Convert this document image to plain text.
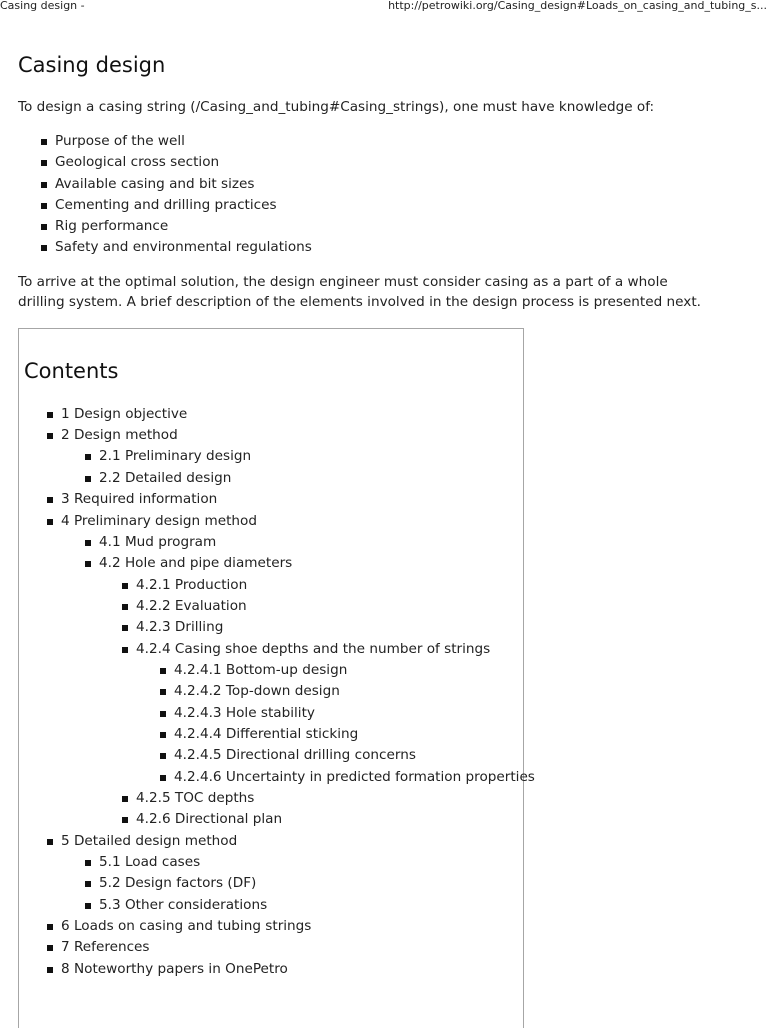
Casing design -	http://petrowiki.org/Casing_design#Loads_on_casing_and_tubing_s...
Casing design

To design a casing string (/Casing_and_tubing#Casing_strings), one must have knowledge of:

Purpose of the well
Geological cross section
Available casing and bit sizes
Cementing and drilling practices
Rig performance
Safety and environmental regulations

To arrive at the optimal solution, the design engineer must consider casing as a part of a whole drilling system. A brief description of the elements involved in the design process is presented next.

Contents
1 Design objective
2 Design method
2.1 Preliminary design
2.2 Detailed design
3 Required information
4 Preliminary design method
4.1 Mud program
4.2 Hole and pipe diameters
4.2.1 Production
4.2.2 Evaluation
4.2.3 Drilling
4.2.4 Casing shoe depths and the number of strings
4.2.4.1 Bottom-up design
4.2.4.2 Top-down design
4.2.4.3 Hole stability
4.2.4.4 Differential sticking
4.2.4.5 Directional drilling concerns
4.2.4.6 Uncertainty in predicted formation properties
4.2.5 TOC depths
4.2.6 Directional plan
5 Detailed design method
5.1 Load cases
5.2 Design factors (DF)
5.3 Other considerations
6 Loads on casing and tubing strings
7 References
8 Noteworthy papers in OnePetro
